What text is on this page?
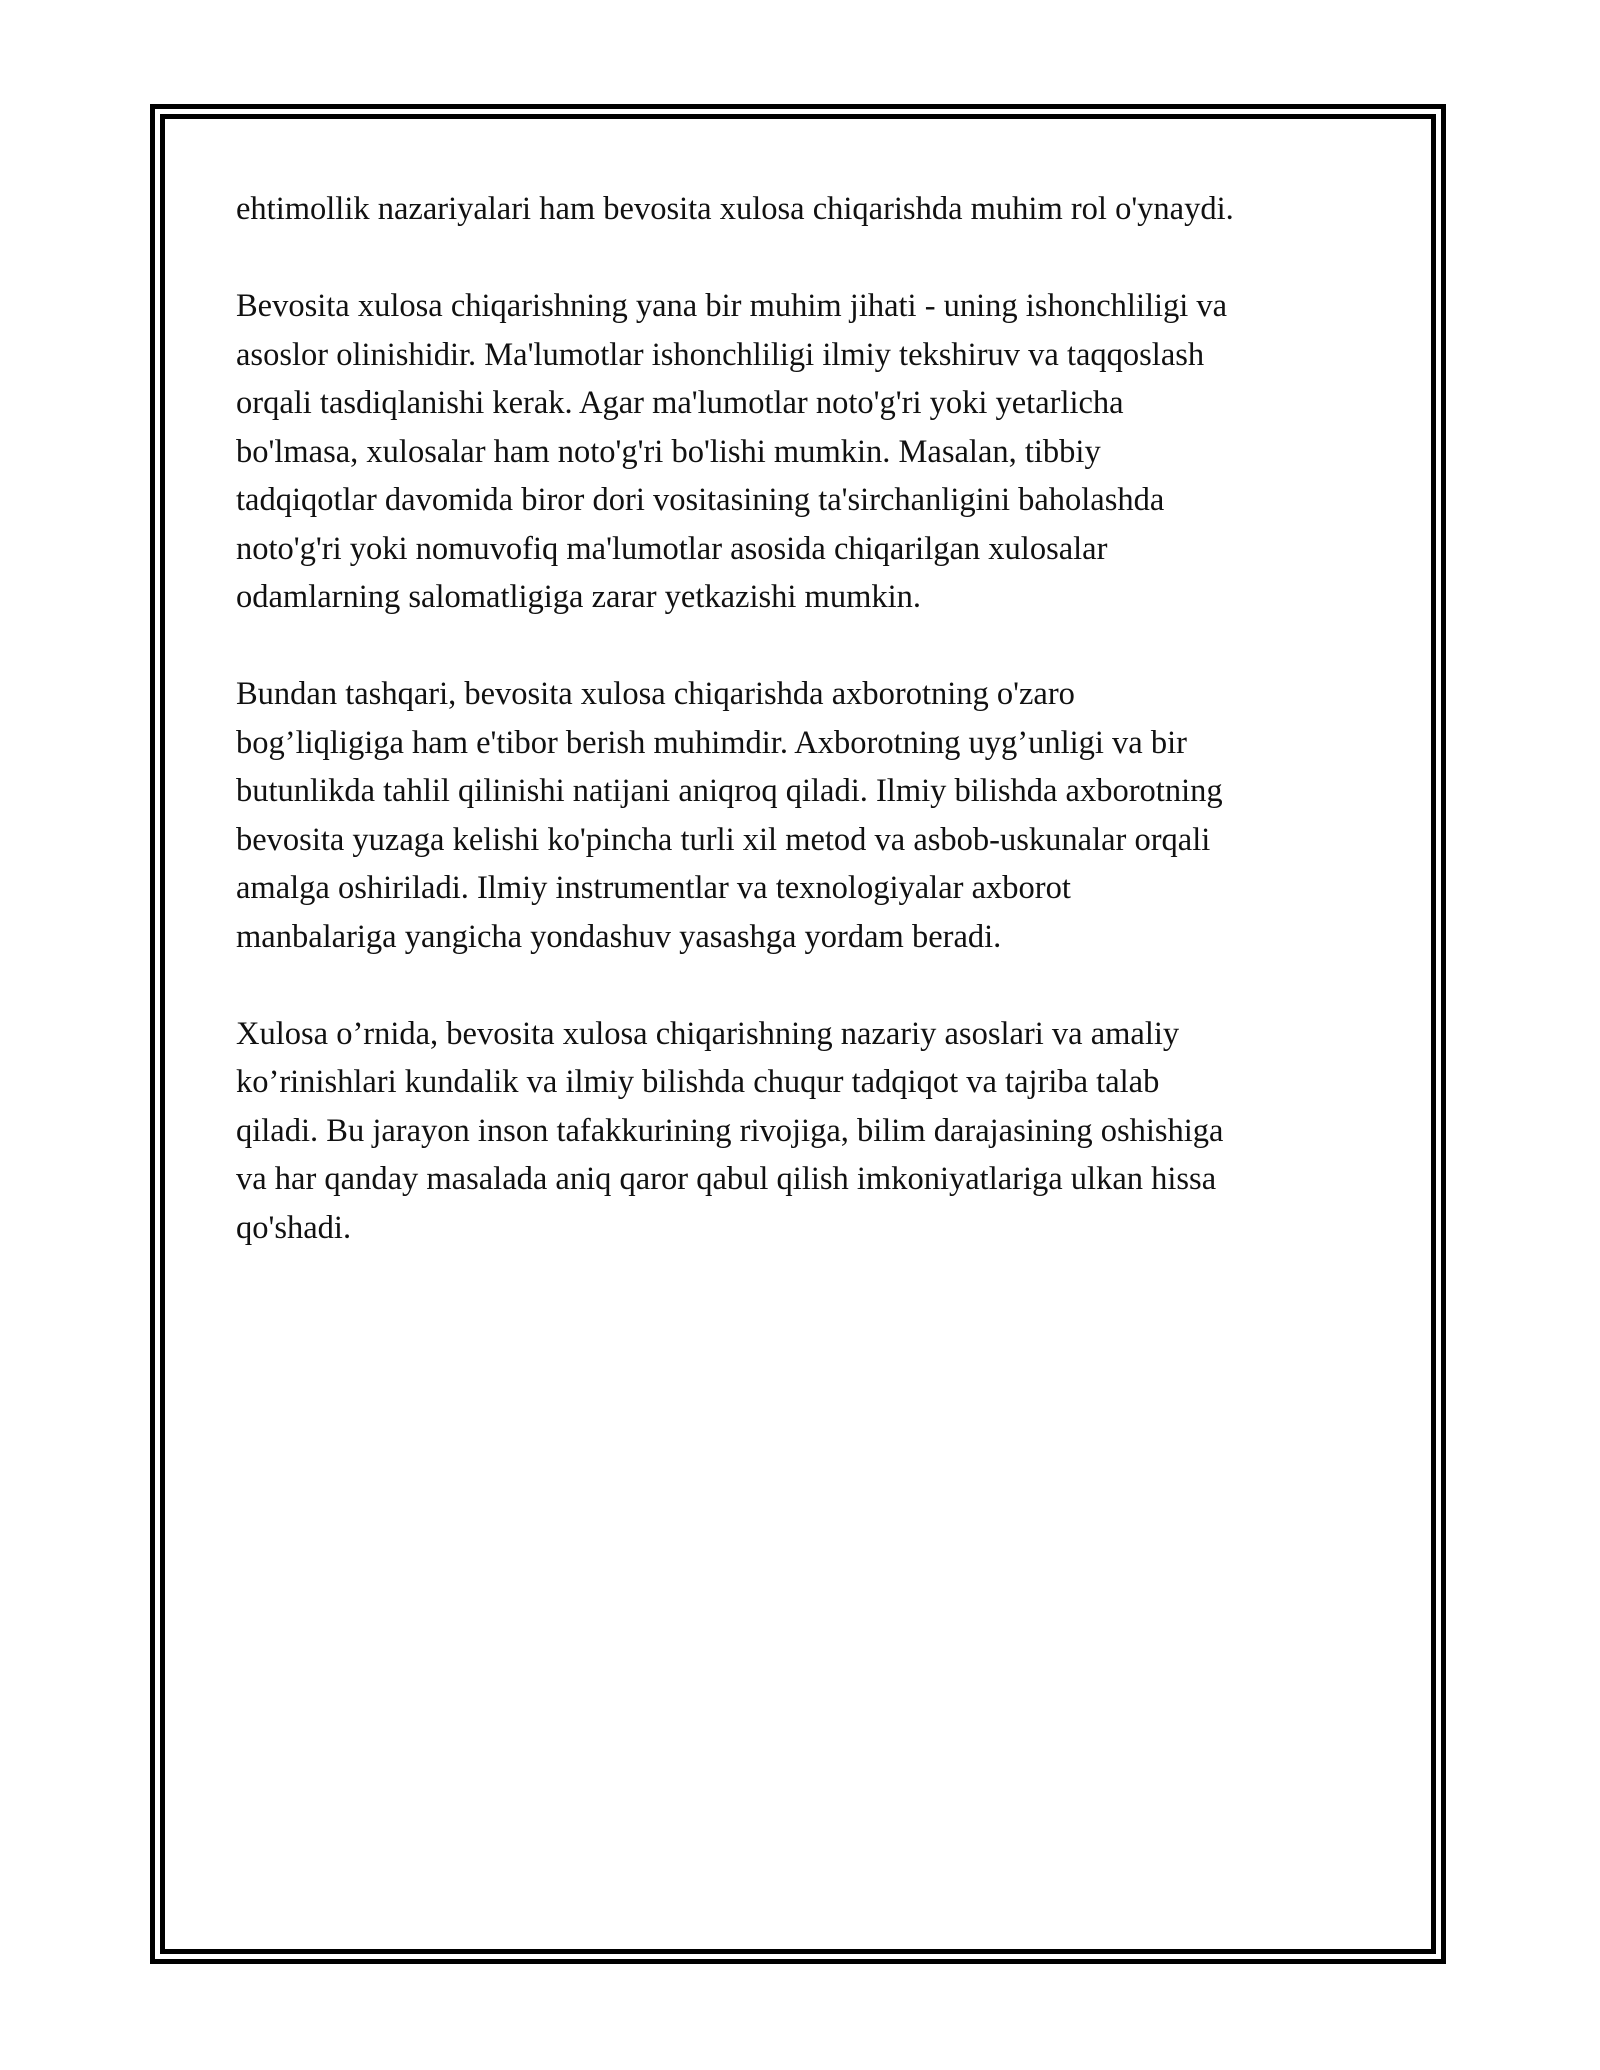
ehtimollik nazariyalari ham bevosita xulosa chiqarishda muhim rol o'ynaydi.

Bevosita xulosa chiqarishning yana bir muhim jihati - uning ishonchliligi va
asoslor olinishidir. Ma'lumotlar ishonchliligi ilmiy tekshiruv va taqqoslash
orqali tasdiqlanishi kerak. Agar ma'lumotlar noto'g'ri yoki yetarlicha
bo'lmasa, xulosalar ham noto'g'ri bo'lishi mumkin. Masalan, tibbiy
tadqiqotlar davomida biror dori vositasining ta'sirchanligini baholashda
noto'g'ri yoki nomuvofiq ma'lumotlar asosida chiqarilgan xulosalar
odamlarning salomatligiga zarar yetkazishi mumkin.

Bundan tashqari, bevosita xulosa chiqarishda axborotning o'zaro
bog’liqligiga ham e'tibor berish muhimdir. Axborotning uyg’unligi va bir
butunlikda tahlil qilinishi natijani aniqroq qiladi. Ilmiy bilishda axborotning
bevosita yuzaga kelishi ko'pincha turli xil metod va asbob-uskunalar orqali
amalga oshiriladi. Ilmiy instrumentlar va texnologiyalar axborot
manbalariga yangicha yondashuv yasashga yordam beradi.

Xulosa o’rnida, bevosita xulosa chiqarishning nazariy asoslari va amaliy
ko’rinishlari kundalik va ilmiy bilishda chuqur tadqiqot va tajriba talab
qiladi. Bu jarayon inson tafakkurining rivojiga, bilim darajasining oshishiga
va har qanday masalada aniq qaror qabul qilish imkoniyatlariga ulkan hissa
qo'shadi.
